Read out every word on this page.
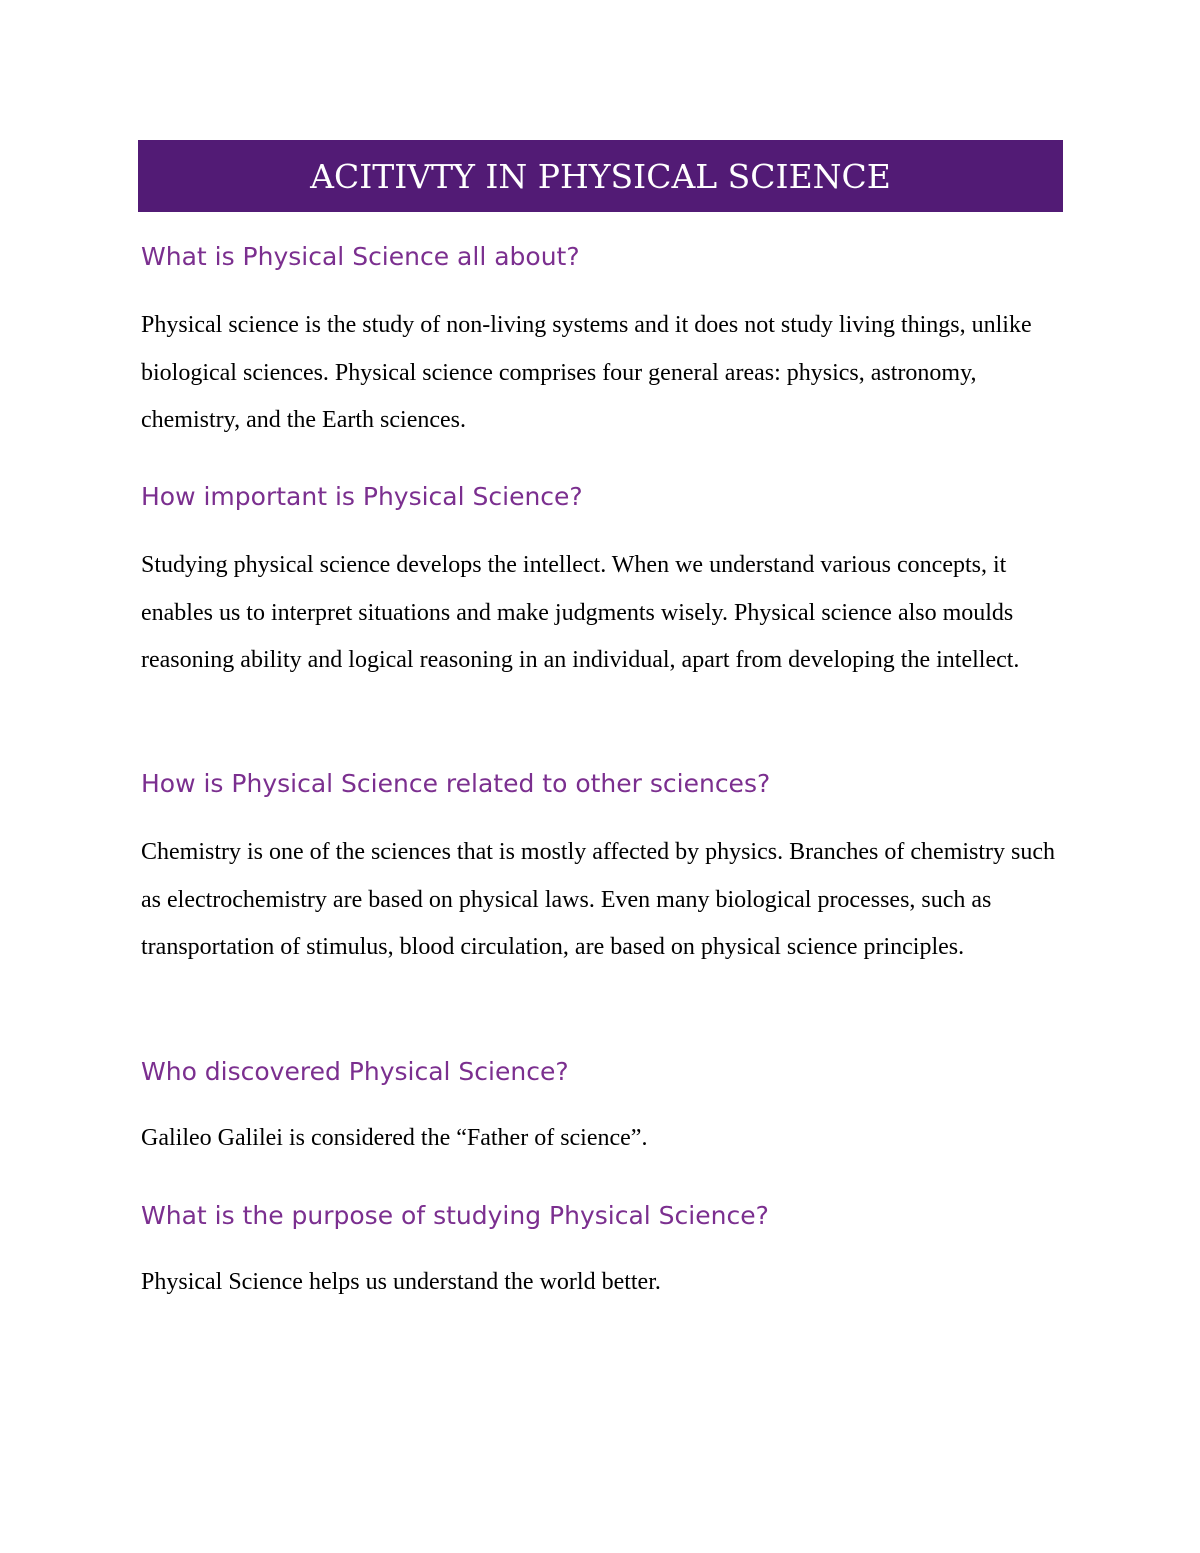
ACITIVTY IN PHYSICAL SCIENCE
What is Physical Science all about?

Physical science is the study of non-living systems and it does not study living things, unlike biological sciences. Physical science comprises four general areas: physics, astronomy, chemistry, and the Earth sciences.

How important is Physical Science?

Studying physical science develops the intellect. When we understand various concepts, it enables us to interpret situations and make judgments wisely. Physical science also moulds reasoning ability and logical reasoning in an individual, apart from developing the intellect.

How is Physical Science related to other sciences?

Chemistry is one of the sciences that is mostly affected by physics. Branches of chemistry such as electrochemistry are based on physical laws. Even many biological processes, such as transportation of stimulus, blood circulation, are based on physical science principles.

Who discovered Physical Science?

Galileo Galilei is considered the “Father of science”.

What is the purpose of studying Physical Science?

Physical Science helps us understand the world better.
